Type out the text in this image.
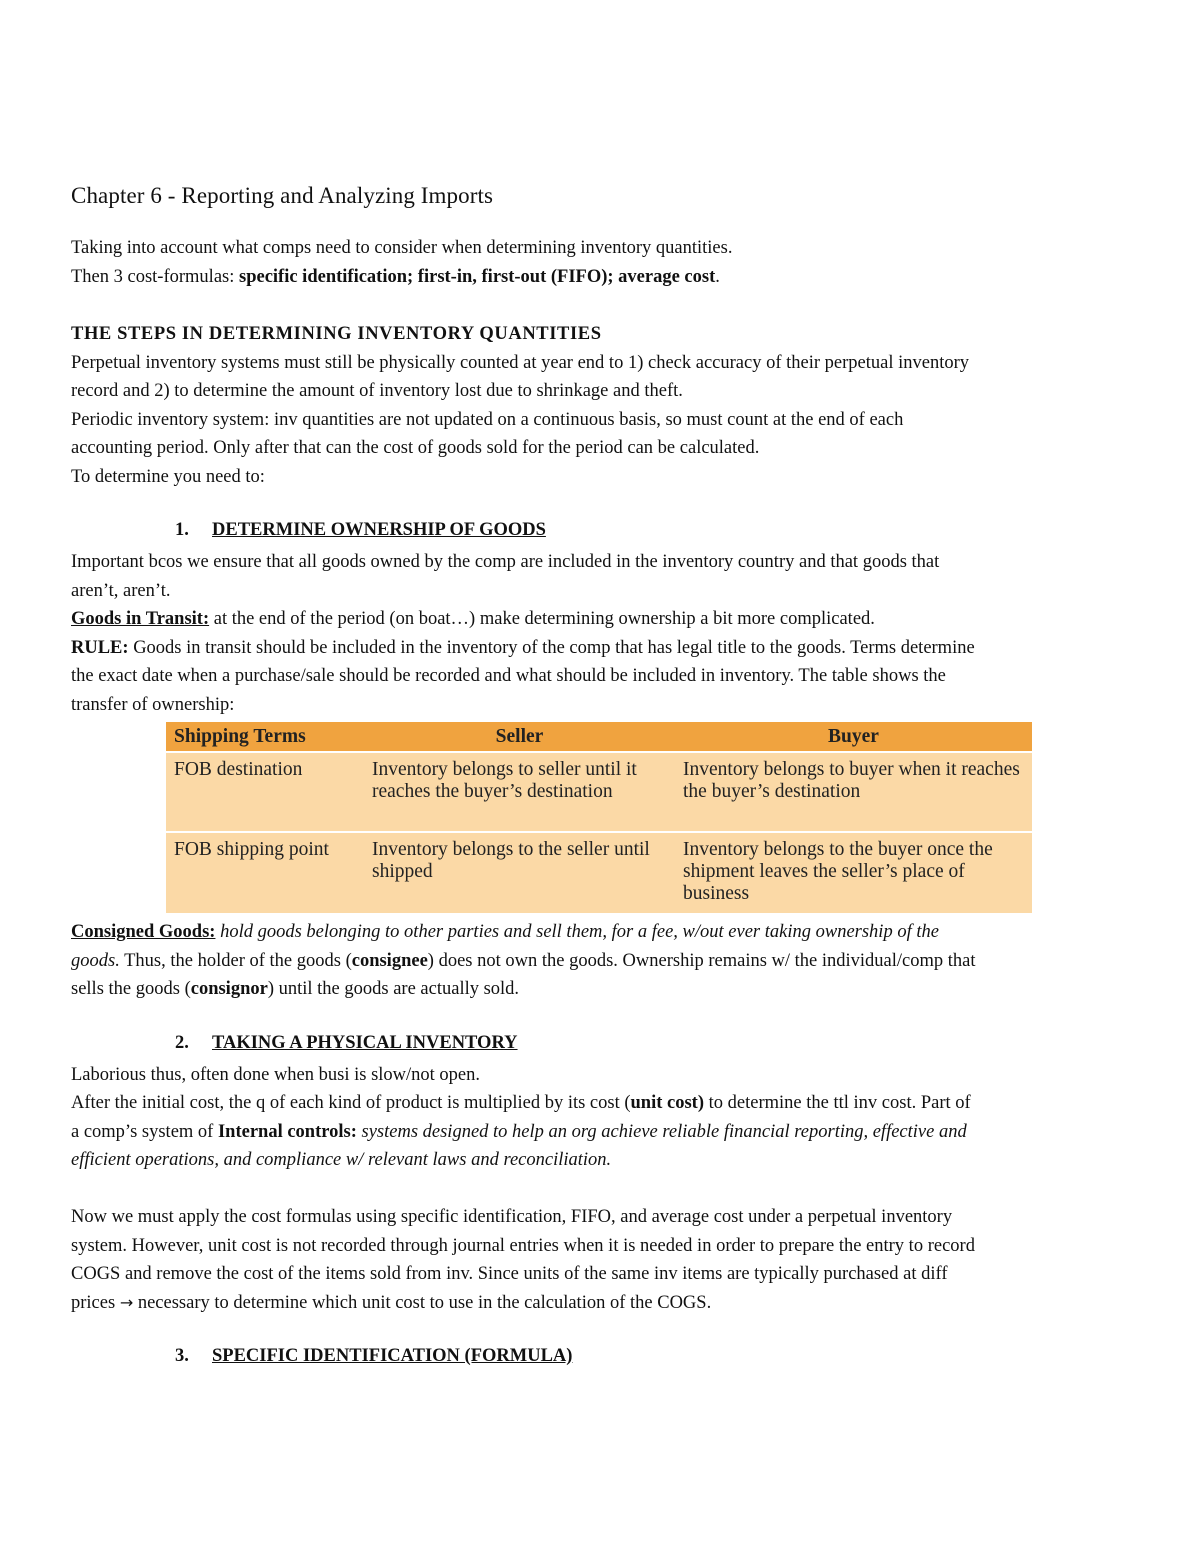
Chapter 6 - Reporting and Analyzing Imports
Taking into account what comps need to consider when determining inventory quantities.
Then 3 cost-formulas: specific identification; first-in, first-out (FIFO); average cost.
THE STEPS IN DETERMINING INVENTORY QUANTITIES
Perpetual inventory systems must still be physically counted at year end to 1) check accuracy of their perpetual inventory
record and 2) to determine the amount of inventory lost due to shrinkage and theft.
Periodic inventory system: inv quantities are not updated on a continuous basis, so must count at the end of each
accounting period. Only after that can the cost of goods sold for the period can be calculated.
To determine you need to:
1. DETERMINE OWNERSHIP OF GOODS
Important bcos we ensure that all goods owned by the comp are included in the inventory country and that goods that
aren’t, aren’t.
Goods in Transit: at the end of the period (on boat…) make determining ownership a bit more complicated.
RULE: Goods in transit should be included in the inventory of the comp that has legal title to the goods. Terms determine
the exact date when a purchase/sale should be recorded and what should be included in inventory. The table shows the
transfer of ownership:
Shipping Terms	Seller	Buyer
FOB destination	Inventory belongs to seller until it reaches the buyer’s destination	Inventory belongs to buyer when it reaches the buyer’s destination
FOB shipping point	Inventory belongs to the seller until shipped	Inventory belongs to the buyer once the shipment leaves the seller’s place of business
Consigned Goods: hold goods belonging to other parties and sell them, for a fee, w/out ever taking ownership of the
goods. Thus, the holder of the goods (consignee) does not own the goods. Ownership remains w/ the individual/comp that
sells the goods (consignor) until the goods are actually sold.
2. TAKING A PHYSICAL INVENTORY
Laborious thus, often done when busi is slow/not open.
After the initial cost, the q of each kind of product is multiplied by its cost (unit cost) to determine the ttl inv cost. Part of
a comp’s system of Internal controls: systems designed to help an org achieve reliable financial reporting, effective and
efficient operations, and compliance w/ relevant laws and reconciliation.
Now we must apply the cost formulas using specific identification, FIFO, and average cost under a perpetual inventory
system. However, unit cost is not recorded through journal entries when it is needed in order to prepare the entry to record
COGS and remove the cost of the items sold from inv. Since units of the same inv items are typically purchased at diff
prices → necessary to determine which unit cost to use in the calculation of the COGS.
3. SPECIFIC IDENTIFICATION (FORMULA)
